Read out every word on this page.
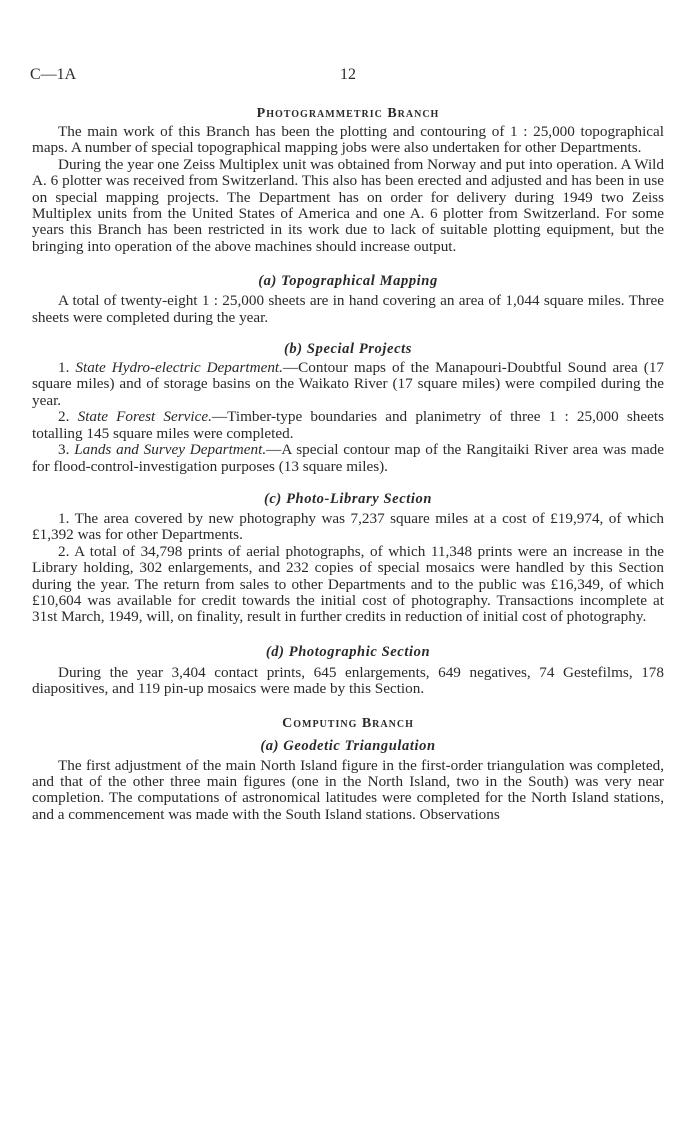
C—1A	12
Photogrammetric Branch

The main work of this Branch has been the plotting and contouring of 1 : 25,000 topographical maps. A number of special topographical mapping jobs were also undertaken for other Departments.

During the year one Zeiss Multiplex unit was obtained from Norway and put into operation. A Wild A. 6 plotter was received from Switzerland. This also has been erected and adjusted and has been in use on special mapping projects. The Department has on order for delivery during 1949 two Zeiss Multiplex units from the United States of America and one A. 6 plotter from Switzerland. For some years this Branch has been restricted in its work due to lack of suitable plotting equipment, but the bringing into operation of the above machines should increase output.

(a) Topographical Mapping

A total of twenty-eight 1 : 25,000 sheets are in hand covering an area of 1,044 square miles. Three sheets were completed during the year.

(b) Special Projects

1. State Hydro-electric Department.—Contour maps of the Manapouri-Doubtful Sound area (17 square miles) and of storage basins on the Waikato River (17 square miles) were compiled during the year.

2. State Forest Service.—Timber-type boundaries and planimetry of three 1 : 25,000 sheets totalling 145 square miles were completed.

3. Lands and Survey Department.—A special contour map of the Rangitaiki River area was made for flood-control-investigation purposes (13 square miles).

(c) Photo-Library Section

1. The area covered by new photography was 7,237 square miles at a cost of £19,974, of which £1,392 was for other Departments.

2. A total of 34,798 prints of aerial photographs, of which 11,348 prints were an increase in the Library holding, 302 enlargements, and 232 copies of special mosaics were handled by this Section during the year. The return from sales to other Departments and to the public was £16,349, of which £10,604 was available for credit towards the initial cost of photography. Transactions incomplete at 31st March, 1949, will, on finality, result in further credits in reduction of initial cost of photography.

(d) Photographic Section

During the year 3,404 contact prints, 645 enlargements, 649 negatives, 74 Gestefilms, 178 diapositives, and 119 pin-up mosaics were made by this Section.

Computing Branch
(a) Geodetic Triangulation

The first adjustment of the main North Island figure in the first-order triangulation was completed, and that of the other three main figures (one in the North Island, two in the South) was very near completion. The computations of astronomical latitudes were completed for the North Island stations, and a commencement was made with the South Island stations. Observations
